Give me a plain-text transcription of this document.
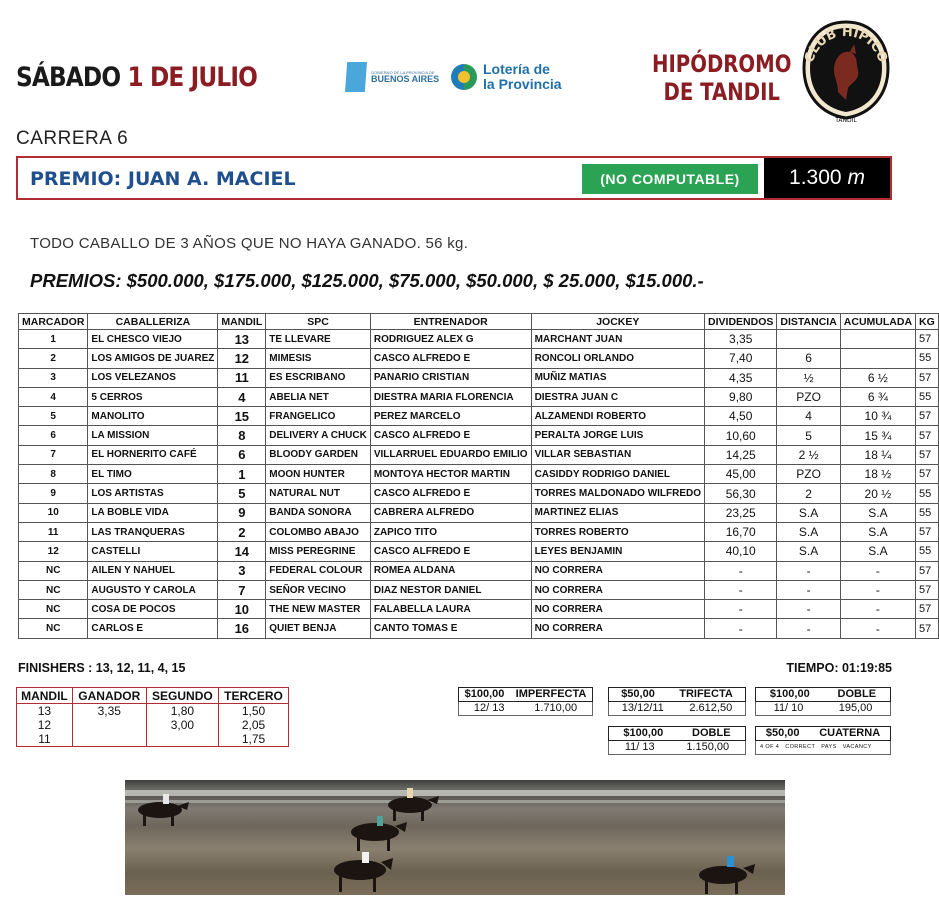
SÁBADO 1 DE JULIO	GOBIERNO DE LA PROVINCIA DE
BUENOS AIRES
Lotería de
la Provincia
HIPÓDROMO
DE TANDIL
CLUB HIPICO
TANDIL
CARRERA 6
PREMIO: JUAN A. MACIEL	(NO COMPUTABLE)	1.300 m
TODO CABALLO DE 3 AÑOS QUE NO HAYA GANADO. 56 kg.
PREMIOS: $500.000, $175.000, $125.000, $75.000, $50.000, $ 25.000, $15.000.-
MARCADOR	CABALLERIZA	MANDIL	SPC	ENTRENADOR	JOCKEY	DIVIDENDOS	DISTANCIA	ACUMULADA	KG
1	EL CHESCO VIEJO	13	TE LLEVARE	RODRIGUEZ ALEX G	MARCHANT JUAN	3,35			57
2	LOS AMIGOS DE JUAREZ	12	MIMESIS	CASCO ALFREDO E	RONCOLI ORLANDO	7,40	6		55
3	LOS VELEZANOS	11	ES ESCRIBANO	PANARIO CRISTIAN	MUÑIZ MATIAS	4,35	½	6 ½	57
4	5 CERROS	4	ABELIA NET	DIESTRA MARIA FLORENCIA	DIESTRA JUAN C	9,80	PZO	6 ¾	55
5	MANOLITO	15	FRANGELICO	PEREZ MARCELO	ALZAMENDI ROBERTO	4,50	4	10 ¾	57
6	LA MISSION	8	DELIVERY A CHUCK	CASCO ALFREDO E	PERALTA JORGE LUIS	10,60	5	15 ¾	57
7	EL HORNERITO CAFÉ	6	BLOODY GARDEN	VILLARRUEL EDUARDO EMILIO	VILLAR SEBASTIAN	14,25	2 ½	18 ¼	57
8	EL TIMO	1	MOON HUNTER	MONTOYA HECTOR MARTIN	CASIDDY RODRIGO DANIEL	45,00	PZO	18 ½	57
9	LOS ARTISTAS	5	NATURAL NUT	CASCO ALFREDO E	TORRES MALDONADO WILFREDO	56,30	2	20 ½	55
10	LA BOBLE VIDA	9	BANDA SONORA	CABRERA ALFREDO	MARTINEZ ELIAS	23,25	S.A	S.A	55
11	LAS TRANQUERAS	2	COLOMBO ABAJO	ZAPICO TITO	TORRES ROBERTO	16,70	S.A	S.A	57
12	CASTELLI	14	MISS PEREGRINE	CASCO ALFREDO E	LEYES BENJAMIN	40,10	S.A	S.A	55
NC	AILEN Y NAHUEL	3	FEDERAL COLOUR	ROMEA ALDANA	NO CORRERA	-	-	-	57
NC	AUGUSTO Y CAROLA	7	SEÑOR VECINO	DIAZ NESTOR DANIEL	NO CORRERA	-	-	-	57
NC	COSA DE POCOS	10	THE NEW MASTER	FALABELLA LAURA	NO CORRERA	-	-	-	57
NC	CARLOS E	16	QUIET BENJA	CANTO TOMAS E	NO CORRERA	-	-	-	57
FINISHERS : 13, 12, 11, 4, 15	TIEMPO: 01:19:85
MANDIL	GANADOR	SEGUNDO	TERCERO
13	3,35	1,80	1,50
12		3,00	2,05
11			1,75
$100,00 IMPERFECTA
12/ 13	1.710,00
$50,00 TRIFECTA
13/12/11 2.612,50
$100,00	DOBLE
11/ 10	195,00
$100,00	DOBLE
11/ 13	1.150,00
$50,00 CUATERNA
4 OF 4 CORRECT PAYS VACANCY
